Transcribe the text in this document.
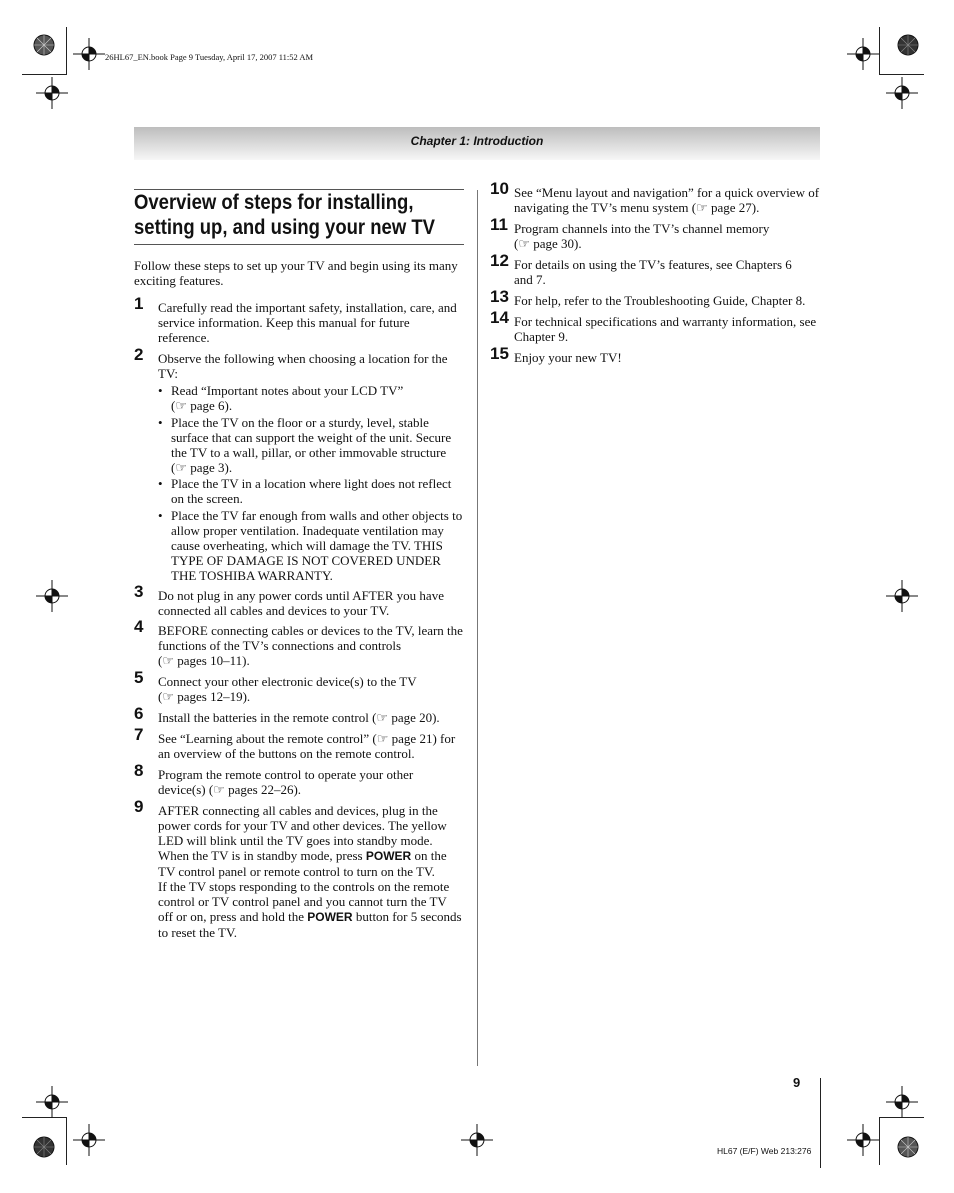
26HL67_EN.book Page 9 Tuesday, April 17, 2007 11:52 AM
Chapter 1: Introduction
Overview of steps for installing,
setting up, and using your new TV
Follow these steps to set up your TV and begin using its many exciting features.
1 Carefully read the important safety, installation, care, and service information. Keep this manual for future reference.
2 Observe the following when choosing a location for the TV:
• Read “Important notes about your LCD TV”
(☞ page 6).
• Place the TV on the floor or a sturdy, level, stable surface that can support the weight of the unit. Secure the TV to a wall, pillar, or other immovable structure
(☞ page 3).
• Place the TV in a location where light does not reflect on the screen.
• Place the TV far enough from walls and other objects to allow proper ventilation. Inadequate ventilation may cause overheating, which will damage the TV. THIS TYPE OF DAMAGE IS NOT COVERED UNDER THE TOSHIBA WARRANTY.
3 Do not plug in any power cords until AFTER you have connected all cables and devices to your TV.
4 BEFORE connecting cables or devices to the TV, learn the functions of the TV’s connections and controls
(☞ pages 10–11).
5 Connect your other electronic device(s) to the TV
(☞ pages 12–19).
6 Install the batteries in the remote control (☞ page 20).
7 See “Learning about the remote control” (☞ page 21) for an overview of the buttons on the remote control.
8 Program the remote control to operate your other device(s) (☞ pages 22–26).
9 AFTER connecting all cables and devices, plug in the power cords for your TV and other devices. The yellow LED will blink until the TV goes into standby mode. When the TV is in standby mode, press POWER on the TV control panel or remote control to turn on the TV.
If the TV stops responding to the controls on the remote control or TV control panel and you cannot turn the TV off or on, press and hold the POWER button for 5 seconds to reset the TV.
10 See “Menu layout and navigation” for a quick overview of navigating the TV’s menu system (☞ page 27).
11 Program channels into the TV’s channel memory
(☞ page 30).
12 For details on using the TV’s features, see Chapters 6 and 7.
13 For help, refer to the Troubleshooting Guide, Chapter 8.
14 For technical specifications and warranty information, see Chapter 9.
15 Enjoy your new TV!
9
HL67 (E/F) Web 213:276
